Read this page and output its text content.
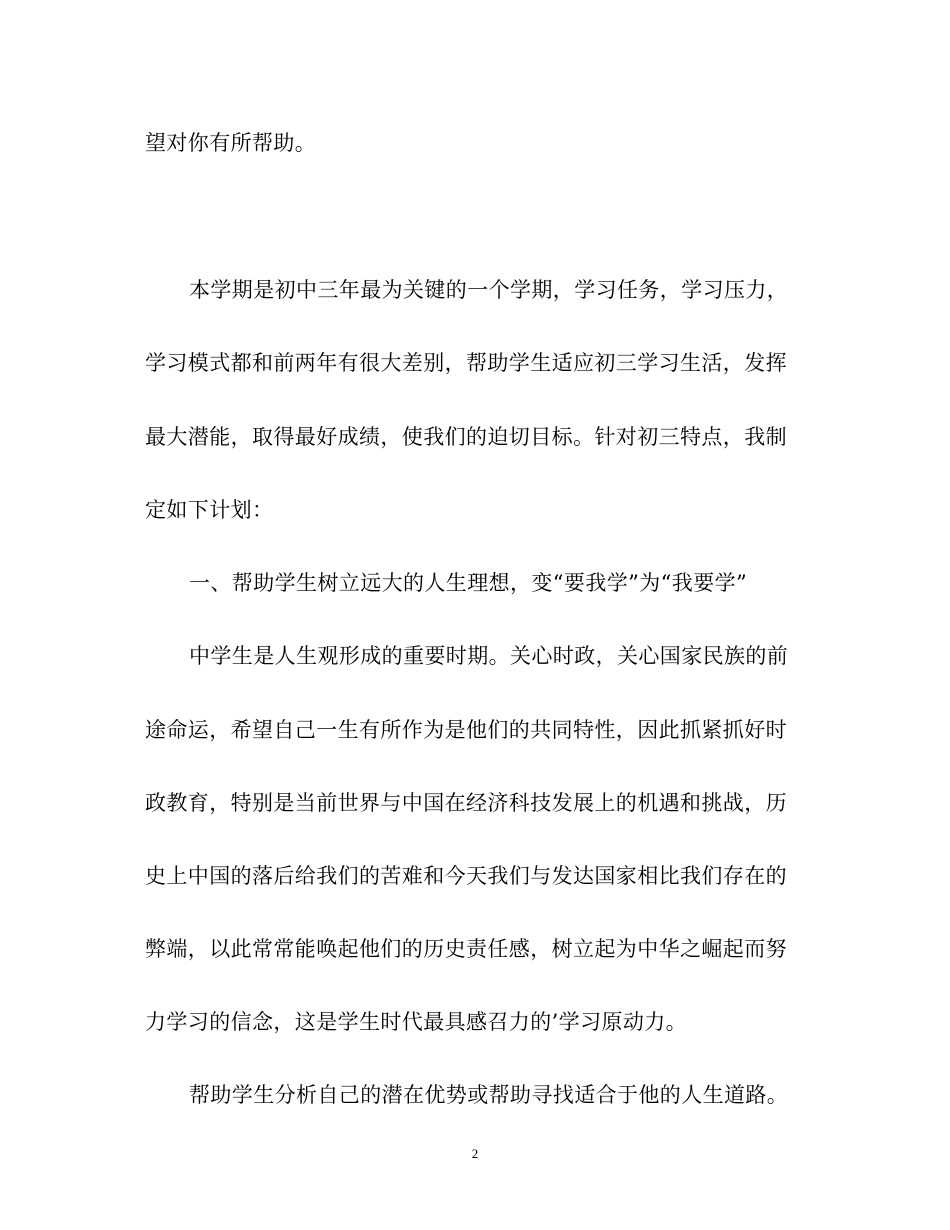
望对你有所帮助。
本学期是初中三年最为关键的一个学期，学习任务，学习压力，
学习模式都和前两年有很大差别，帮助学生适应初三学习生活，发挥
最大潜能，取得最好成绩，使我们的迫切目标。针对初三特点，我制
定如下计划：
一、帮助学生树立远大的人生理想，变“要我学”为“我要学”
中学生是人生观形成的重要时期。关心时政，关心国家民族的前
途命运，希望自己一生有所作为是他们的共同特性，因此抓紧抓好时
政教育，特别是当前世界与中国在经济科技发展上的机遇和挑战，历
史上中国的落后给我们的苦难和今天我们与发达国家相比我们存在的
弊端，以此常常能唤起他们的历史责任感，树立起为中华之崛起而努
力学习的信念，这是学生时代最具感召力的’学习原动力。
帮助学生分析自己的潜在优势或帮助寻找适合于他的人生道路。
2
